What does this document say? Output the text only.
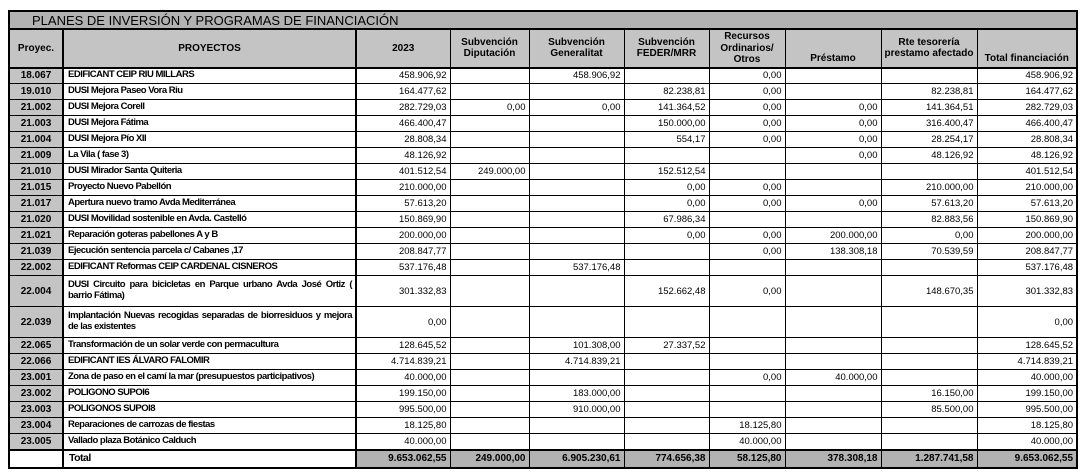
PLANES DE INVERSIÓN Y PROGRAMAS DE FINANCIACIÓN									
Proyec.	PROYECTOS	2023	Subvención Diputación	Subvención Generalitat	Subvención FEDER/MRR	Recursos Ordinarios/ Otros	Préstamo	Rte tesorería prestamo afectado	Total financiación
18.067	EDIFICANT CEIP RIU MILLARS	458.906,92		458.906,92		0,00			458.906,92
19.010	DUSI Mejora Paseo Vora Riu	164.477,62			82.238,81	0,00		82.238,81	164.477,62
21.002	DUSI Mejora Corell	282.729,03	0,00	0,00	141.364,52	0,00	0,00	141.364,51	282.729,03
21.003	DUSI Mejora Fátima	466.400,47			150.000,00	0,00	0,00	316.400,47	466.400,47
21.004	DUSI Mejora Pío XII	28.808,34			554,17	0,00	0,00	28.254,17	28.808,34
21.009	La Vila ( fase 3)	48.126,92					0,00	48.126,92	48.126,92
21.010	DUSI Mirador Santa Quiteria	401.512,54	249.000,00		152.512,54				401.512,54
21.015	Proyecto Nuevo Pabellón	210.000,00			0,00	0,00		210.000,00	210.000,00
21.017	Apertura nuevo tramo Avda Mediterránea	57.613,20			0,00	0,00	0,00	57.613,20	57.613,20
21.020	DUSI Movilidad sostenible en Avda. Castelló	150.869,90			67.986,34			82.883,56	150.869,90
21.021	Reparación goteras pabellones A y B	200.000,00			0,00	0,00	200.000,00	0,00	200.000,00
21.039	Ejecución sentencia parcela c/ Cabanes ,17	208.847,77				0,00	138.308,18	70.539,59	208.847,77
22.002	EDIFICANT Reformas CEIP CARDENAL CISNEROS	537.176,48		537.176,48					537.176,48
22.004	DUSI Circuito para bicicletas en Parque urbano Avda José Ortiz ( barrio Fátima)	301.332,83			152.662,48	0,00		148.670,35	301.332,83
22.039	Implantación Nuevas recogidas separadas de biorresiduos y mejora de las existentes	0,00							0,00
22.065	Transformación de un solar verde con permacultura	128.645,52		101.308,00	27.337,52				128.645,52
22.066	EDIFICANT IES ÁLVARO FALOMIR	4.714.839,21		4.714.839,21					4.714.839,21
23.001	Zona de paso en el camí la mar (presupuestos participativos)	40.000,00				0,00	40.000,00		40.000,00
23.002	POLIGONO SUPOI6	199.150,00		183.000,00				16.150,00	199.150,00
23.003	POLIGONOS SUPOI8	995.500,00		910.000,00				85.500,00	995.500,00
23.004	Reparaciones de carrozas de fiestas	18.125,80				18.125,80			18.125,80
23.005	Vallado plaza Botánico Calduch	40.000,00				40.000,00			40.000,00
	Total	9.653.062,55	249.000,00	6.905.230,61	774.656,38	58.125,80	378.308,18	1.287.741,58	9.653.062,55
